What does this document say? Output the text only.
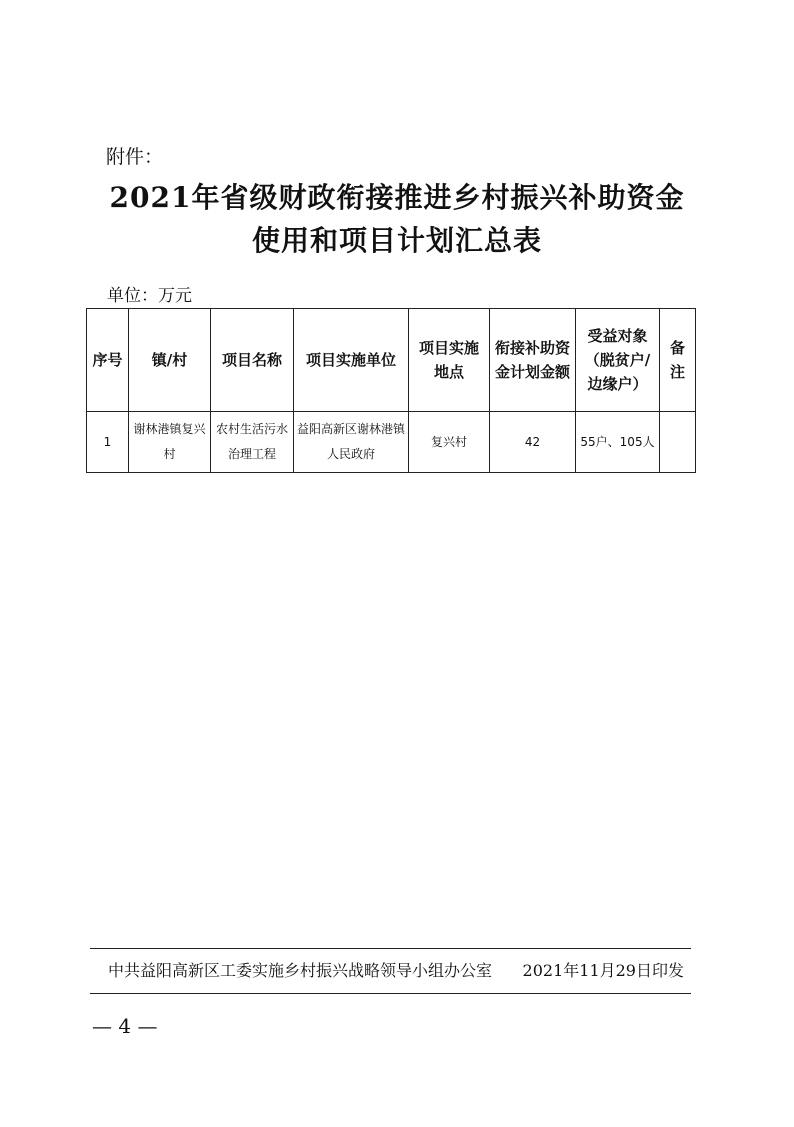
附件：
2021年省级财政衔接推进乡村振兴补助资金
使用和项目计划汇总表
单位：万元
序号	镇/村	项目名称	项目实施单位	项目实施地点	衔接补助资金计划金额	受益对象（脱贫户/边缘户）	备注
1	谢林港镇复兴村	农村生活污水治理工程	益阳高新区谢林港镇人民政府	复兴村	42	55户、105人	
中共益阳高新区工委实施乡村振兴战略领导小组办公室 2021年11月29日印发
— 4 —
